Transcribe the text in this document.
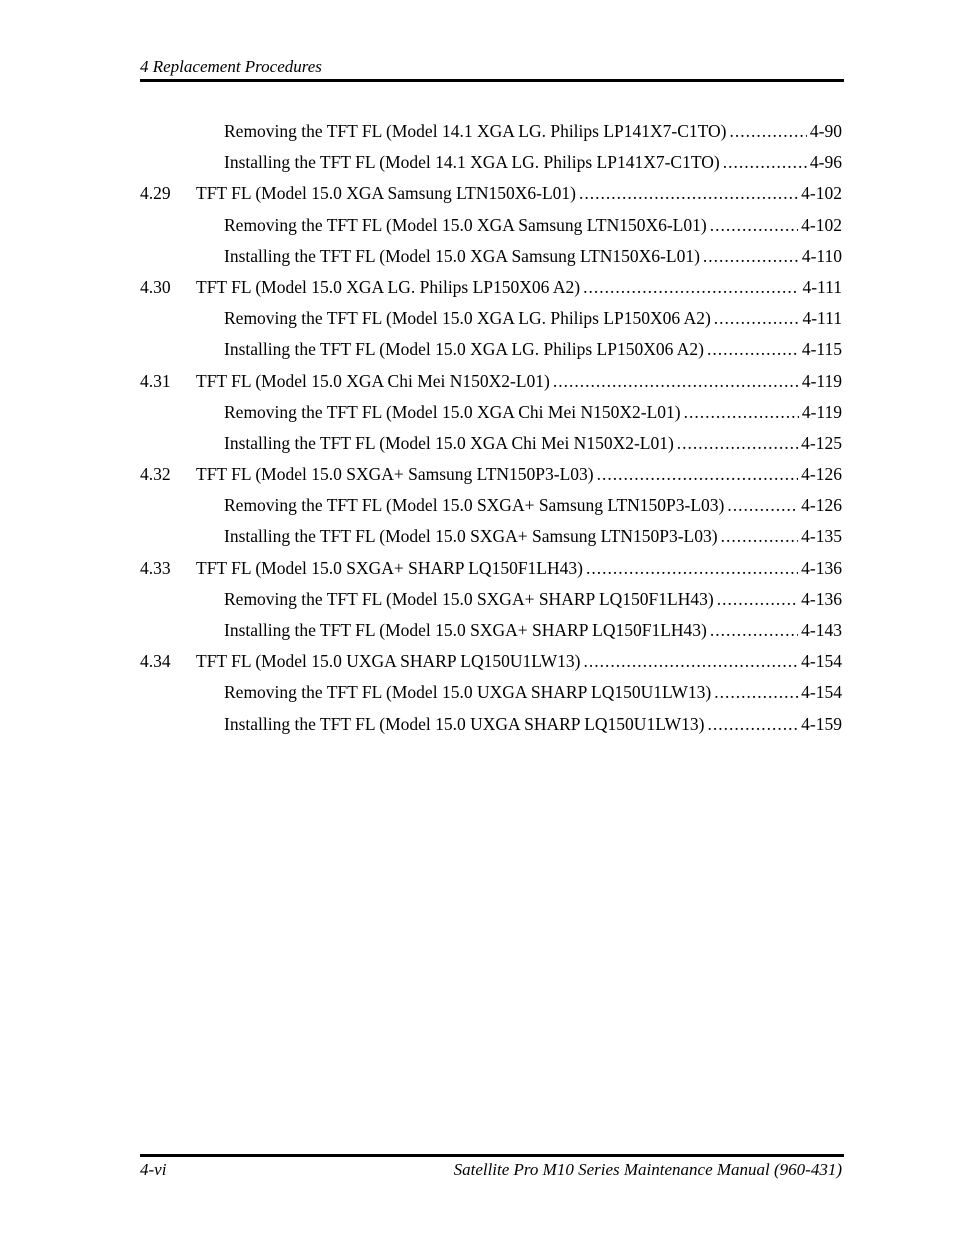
4 Replacement Procedures
Removing the TFT FL (Model 14.1 XGA LG. Philips LP141X7-C1TO) .....	4-90
Installing the TFT FL (Model 14.1 XGA LG. Philips LP141X7-C1TO) .....	4-96
4.29	TFT FL (Model 15.0 XGA Samsung LTN150X6-L01) .....	4-102
Removing the TFT FL (Model 15.0 XGA Samsung LTN150X6-L01) .....	4-102
Installing the TFT FL (Model 15.0 XGA Samsung LTN150X6-L01) .....	4-110
4.30	TFT FL (Model 15.0 XGA LG. Philips LP150X06 A2) .....	4-111
Removing the TFT FL (Model 15.0 XGA LG. Philips LP150X06 A2) .....	4-111
Installing the TFT FL (Model 15.0 XGA LG. Philips LP150X06 A2) .....	4-115
4.31	TFT FL (Model 15.0 XGA Chi Mei N150X2-L01) .....	4-119
Removing the TFT FL (Model 15.0 XGA Chi Mei N150X2-L01) .....	4-119
Installing the TFT FL (Model 15.0 XGA Chi Mei N150X2-L01) .....	4-125
4.32	TFT FL (Model 15.0 SXGA+ Samsung LTN150P3-L03) .....	4-126
Removing the TFT FL (Model 15.0 SXGA+ Samsung LTN150P3-L03) .....	4-126
Installing the TFT FL (Model 15.0 SXGA+ Samsung LTN150P3-L03) .....	4-135
4.33	TFT FL (Model 15.0 SXGA+ SHARP LQ150F1LH43) .....	4-136
Removing the TFT FL (Model 15.0 SXGA+ SHARP LQ150F1LH43) .....	4-136
Installing the TFT FL (Model 15.0 SXGA+ SHARP LQ150F1LH43) .....	4-143
4.34	TFT FL (Model 15.0 UXGA SHARP LQ150U1LW13) .....	4-154
Removing the TFT FL (Model 15.0 UXGA SHARP LQ150U1LW13) .....	4-154
Installing the TFT FL (Model 15.0 UXGA SHARP LQ150U1LW13) .....	4-159
4-vi	Satellite Pro M10 Series Maintenance Manual (960-431)
